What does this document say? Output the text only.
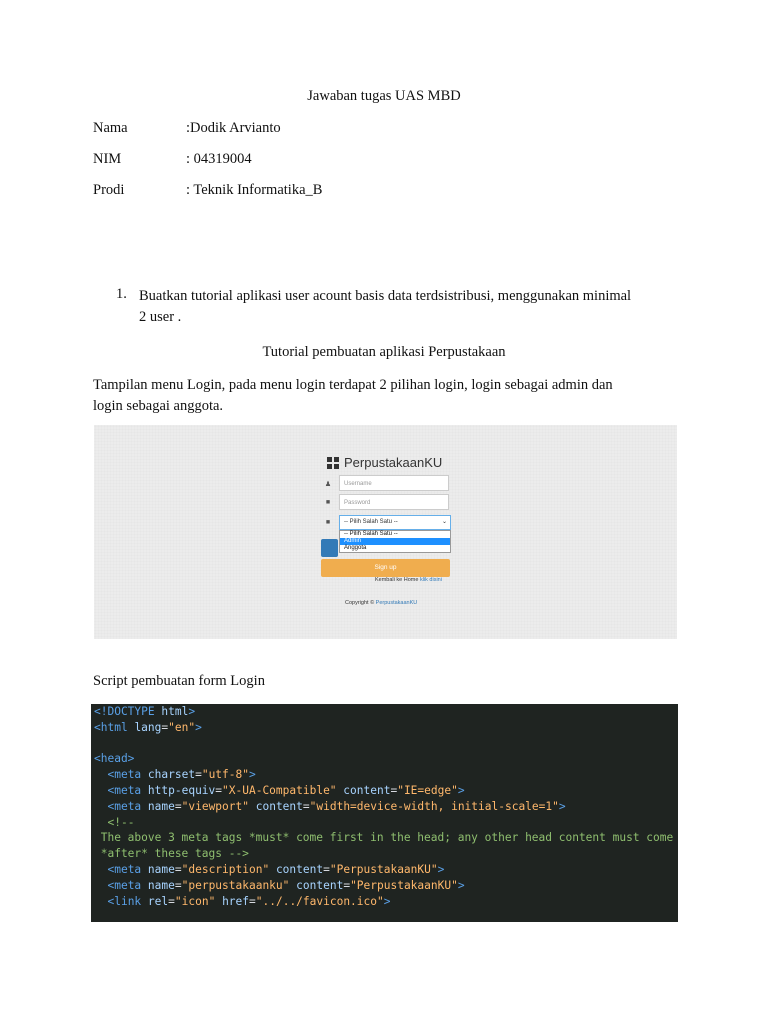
Jawaban tugas UAS MBD
Nama	:Dodik Arvianto
NIM	: 04319004
Prodi	: Teknik Informatika_B
1. Buatkan tutorial aplikasi user acount basis data terdsistribusi, menggunakan minimal
2 user .
Tutorial pembuatan aplikasi Perpustakaan
Tampilan menu Login, pada menu login terdapat 2 pilihan login, login sebagai admin dan
login sebagai anggota.
PerpustakaanKU
♟	Username
■	Password
■	-- Pilih Salah Satu --	⌄
-- Pilih Salah Satu --
Admin
Anggota
Sign up
Kembali ke Home klik disini
Copyright © PerpustakaanKU
Script pembuatan form Login
<!DOCTYPE html>
<html lang="en">

<head>
<meta charset="utf-8">
<meta http-equiv="X-UA-Compatible" content="IE=edge">
<meta name="viewport" content="width=device-width, initial-scale=1">
<!--
The above 3 meta tags *must* come first in the head; any other head content must come
*after* these tags -->
<meta name="description" content="PerpustakaanKU">
<meta name="perpustakaanku" content="PerpustakaanKU">
<link rel="icon" href="../../favicon.ico">
